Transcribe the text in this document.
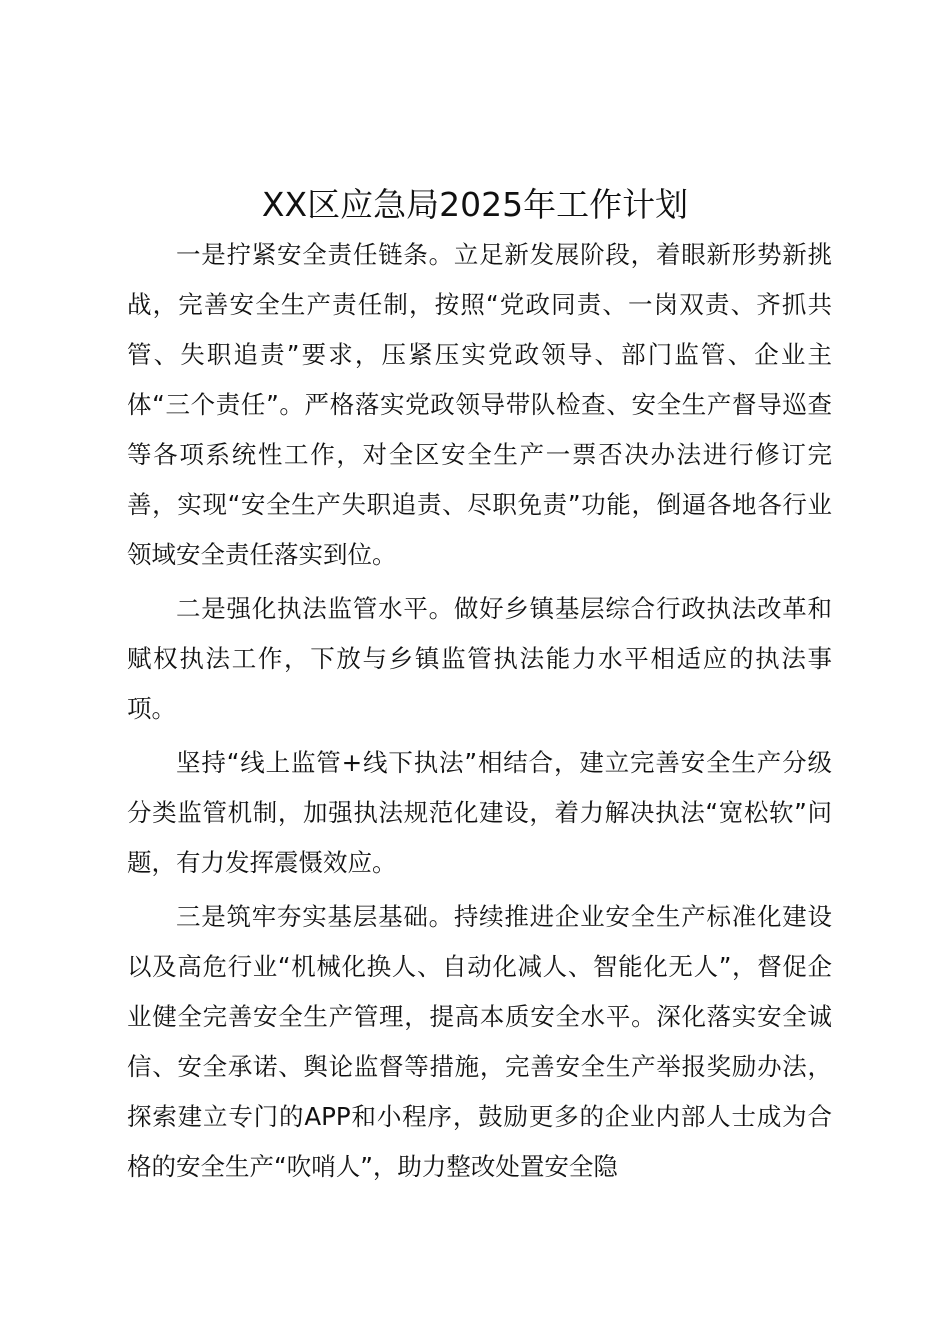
XX区应急局2025年工作计划

一是拧紧安全责任链条。立足新发展阶段，着眼新形势新挑战，完善安全生产责任制，按照“党政同责、一岗双责、齐抓共管、失职追责”要求，压紧压实党政领导、部门监管、企业主体“三个责任”。严格落实党政领导带队检查、安全生产督导巡查等各项系统性工作，对全区安全生产一票否决办法进行修订完善，实现“安全生产失职追责、尽职免责”功能，倒逼各地各行业领域安全责任落实到位。

二是强化执法监管水平。做好乡镇基层综合行政执法改革和赋权执法工作，下放与乡镇监管执法能力水平相适应的执法事项。

坚持“线上监管+线下执法”相结合，建立完善安全生产分级分类监管机制，加强执法规范化建设，着力解决执法“宽松软”问题，有力发挥震慑效应。

三是筑牢夯实基层基础。持续推进企业安全生产标准化建设以及高危行业“机械化换人、自动化减人、智能化无人”，督促企业健全完善安全生产管理，提高本质安全水平。深化落实安全诚信、安全承诺、舆论监督等措施，完善安全生产举报奖励办法，探索建立专门的APP和小程序，鼓励更多的企业内部人士成为合格的安全生产“吹哨人”，助力整改处置安全隐
